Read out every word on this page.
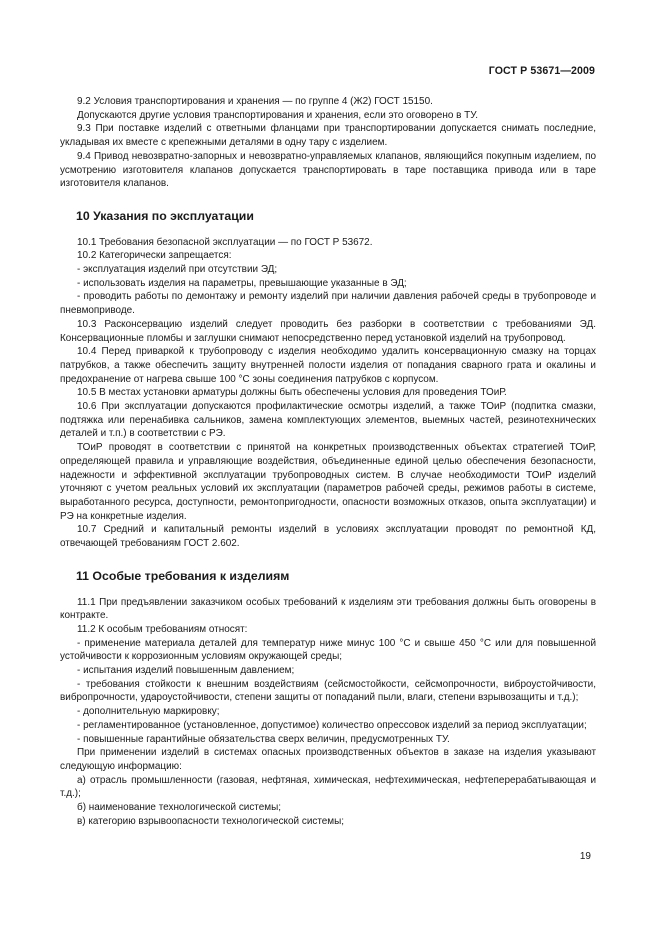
ГОСТ Р 53671—2009

9.2 Условия транспортирования и хранения — по группе 4 (Ж2) ГОСТ 15150.

Допускаются другие условия транспортирования и хранения, если это оговорено в ТУ.

9.3 При поставке изделий с ответными фланцами при транспортировании допускается снимать последние, укладывая их вместе с крепежными деталями в одну тару с изделием.

9.4 Привод невозвратно-запорных и невозвратно-управляемых клапанов, являющийся покупным изделием, по усмотрению изготовителя клапанов допускается транспортировать в таре поставщика привода или в таре изготовителя клапанов.

10 Указания по эксплуатации

10.1 Требования безопасной эксплуатации — по ГОСТ Р 53672.

10.2 Категорически запрещается:

- эксплуатация изделий при отсутствии ЭД;

- использовать изделия на параметры, превышающие указанные в ЭД;

- проводить работы по демонтажу и ремонту изделий при наличии давления рабочей среды в трубопроводе и пневмоприводе.

10.3 Расконсервацию изделий следует проводить без разборки в соответствии с требованиями ЭД. Консервационные пломбы и заглушки снимают непосредственно перед установкой изделий на трубопровод.

10.4 Перед приваркой к трубопроводу с изделия необходимо удалить консервационную смазку на торцах патрубков, а также обеспечить защиту внутренней полости изделия от попадания сварного грата и окалины и предохранение от нагрева свыше 100 °С зоны соединения патрубков с корпусом.

10.5 В местах установки арматуры должны быть обеспечены условия для проведения ТОиР.

10.6 При эксплуатации допускаются профилактические осмотры изделий, а также ТОиР (подпитка смазки, подтяжка или перенабивка сальников, замена комплектующих элементов, выемных частей, резинотехнических деталей и т.п.) в соответствии с РЭ.

ТОиР проводят в соответствии с принятой на конкретных производственных объектах стратегией ТОиР, определяющей правила и управляющие воздействия, объединенные единой целью обеспечения безопасности, надежности и эффективной эксплуатации трубопроводных систем. В случае необходимости ТОиР изделий уточняют с учетом реальных условий их эксплуатации (параметров рабочей среды, режимов работы в системе, выработанного ресурса, доступности, ремонтопригодности, опасности возможных отказов, опыта эксплуатации) и РЭ на конкретные изделия.

10.7 Средний и капитальный ремонты изделий в условиях эксплуатации проводят по ремонтной КД, отвечающей требованиям ГОСТ 2.602.

11 Особые требования к изделиям

11.1 При предъявлении заказчиком особых требований к изделиям эти требования должны быть оговорены в контракте.

11.2 К особым требованиям относят:

- применение материала деталей для температур ниже минус 100 °С и свыше 450 °С или для повышенной устойчивости к коррозионным условиям окружающей среды;

- испытания изделий повышенным давлением;

- требования стойкости к внешним воздействиям (сейсмостойкости, сейсмопрочности, виброустойчивости, вибропрочности, удароустойчивости, степени защиты от попаданий пыли, влаги, степени взрывозащиты и т.д.);

- дополнительную маркировку;

- регламентированное (установленное, допустимое) количество опрессовок изделий за период эксплуатации;

- повышенные гарантийные обязательства сверх величин, предусмотренных ТУ.

При применении изделий в системах опасных производственных объектов в заказе на изделия указывают следующую информацию:

а) отрасль промышленности (газовая, нефтяная, химическая, нефтехимическая, нефтеперерабатывающая и т.д.);

б) наименование технологической системы;

в) категорию взрывоопасности технологической системы;

19
